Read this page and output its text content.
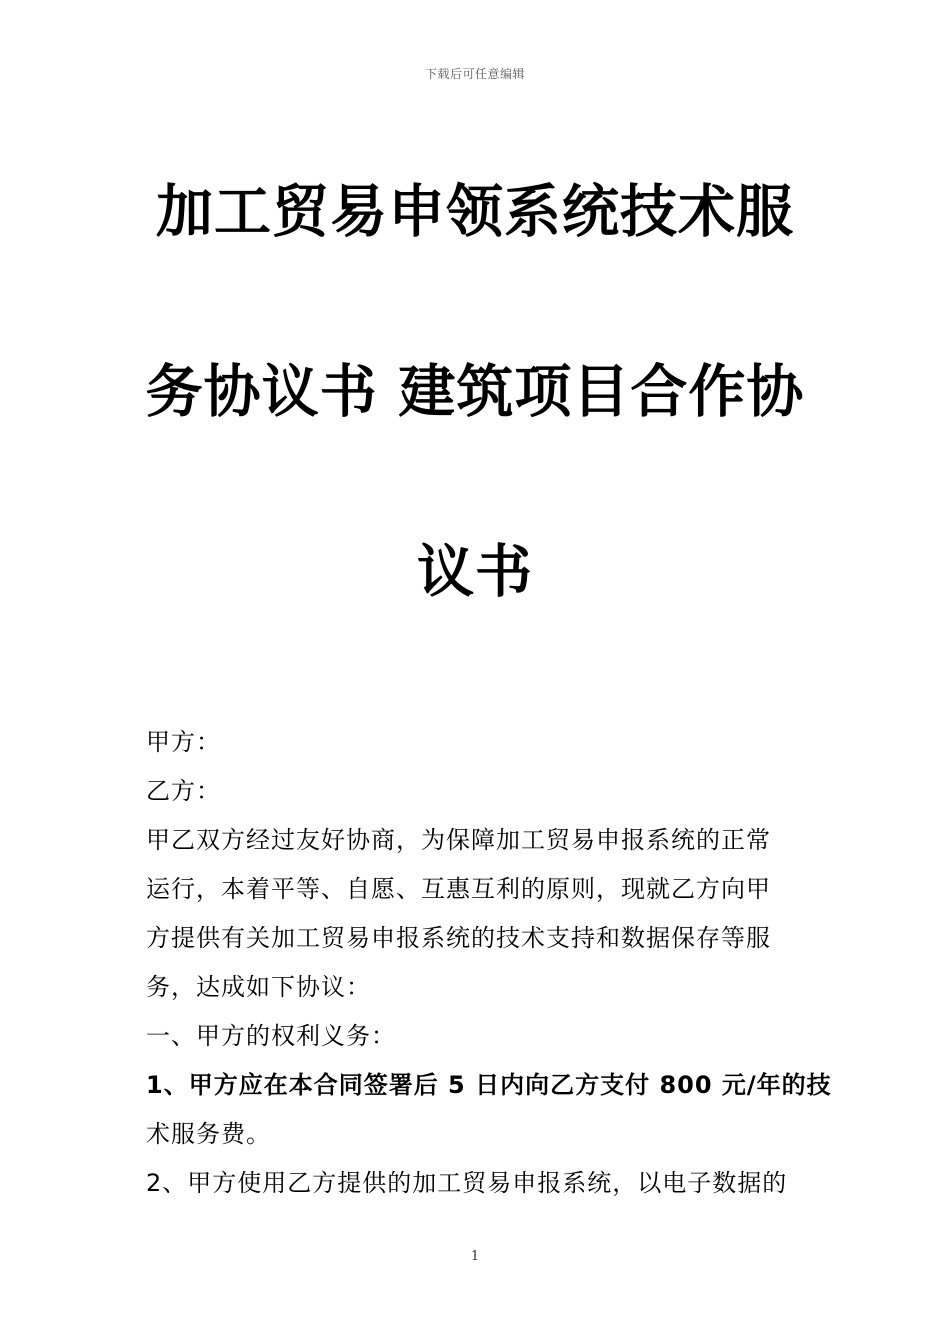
下载后可任意编辑
加工贸易申领系统技术服
务协议书 建筑项目合作协
议书
甲方：
乙方：
甲乙双方经过友好协商，为保障加工贸易申报系统的正常
运行，本着平等、自愿、互惠互利的原则，现就乙方向甲
方提供有关加工贸易申报系统的技术支持和数据保存等服
务，达成如下协议：
一、甲方的权利义务：
1、甲方应在本合同签署后 5 日内向乙方支付 800 元/年的技
术服务费。
2、甲方使用乙方提供的加工贸易申报系统，以电子数据的
1
